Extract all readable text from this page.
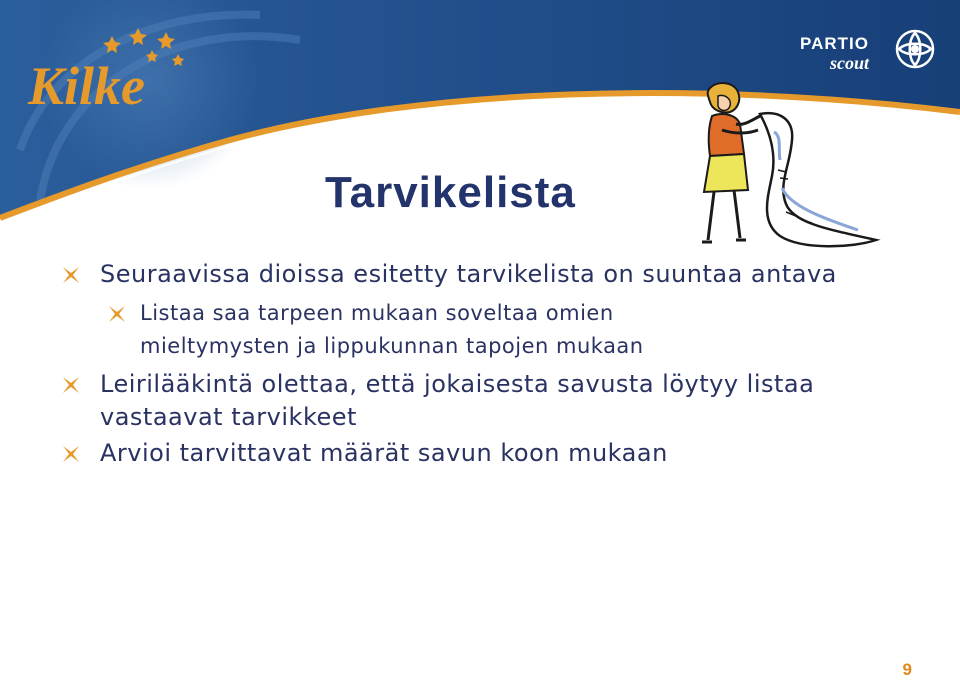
Kilke
PARTIO
scout
Tarvikelista
Seuraavissa dioissa esitetty tarvikelista on suuntaa antava
Listaa saa tarpeen mukaan soveltaa omien
mieltymysten ja lippukunnan tapojen mukaan
Leirilääkintä olettaa, että jokaisesta savusta löytyy listaa
vastaavat tarvikkeet
Arvioi tarvittavat määrät savun koon mukaan
9
